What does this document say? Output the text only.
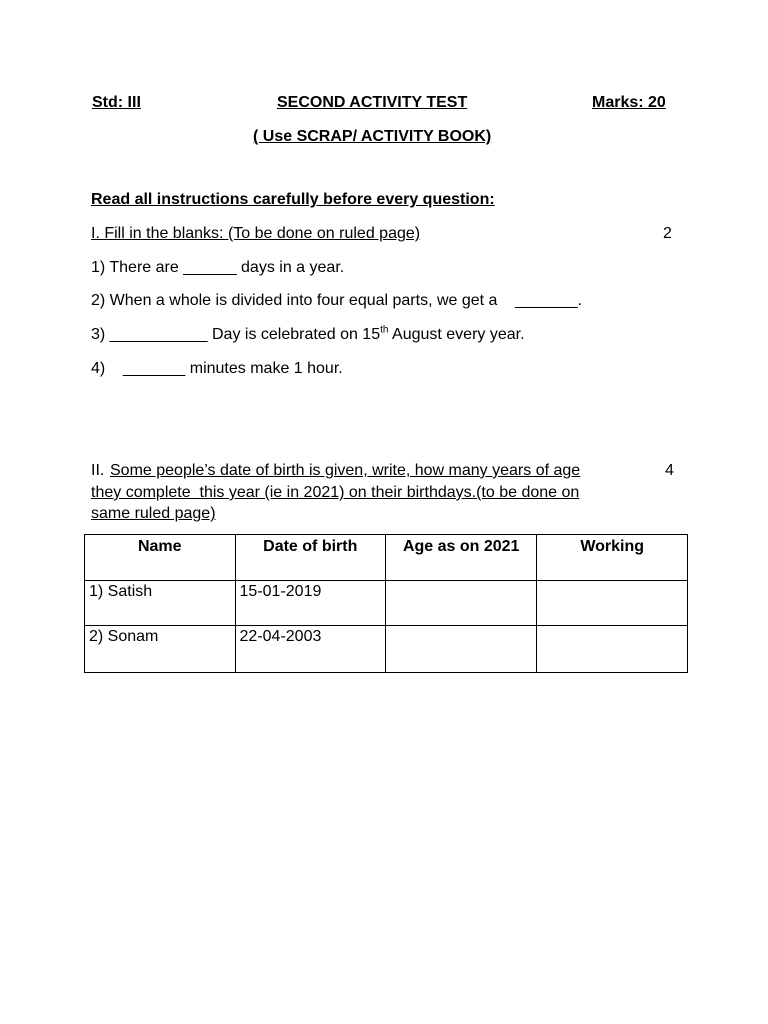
Std: III	SECOND ACTIVITY TEST	Marks: 20
( Use SCRAP/ ACTIVITY BOOK)
Read all instructions carefully before every question:
I. Fill in the blanks: (To be done on ruled page)	2
1) There are ______ days in a year.
2) When a whole is divided into four equal parts, we get a    _______.
3) ___________ Day is celebrated on 15th August every year.
4)    _______ minutes make 1 hour.
II. Some people’s date of birth is given, write, how many years of age
they complete  this year (ie in 2021) on their birthdays.(to be done on
same ruled page)
4
Name	Date of birth	Age as on 2021	Working
1) Satish	15-01-2019		
2) Sonam	22-04-2003		
